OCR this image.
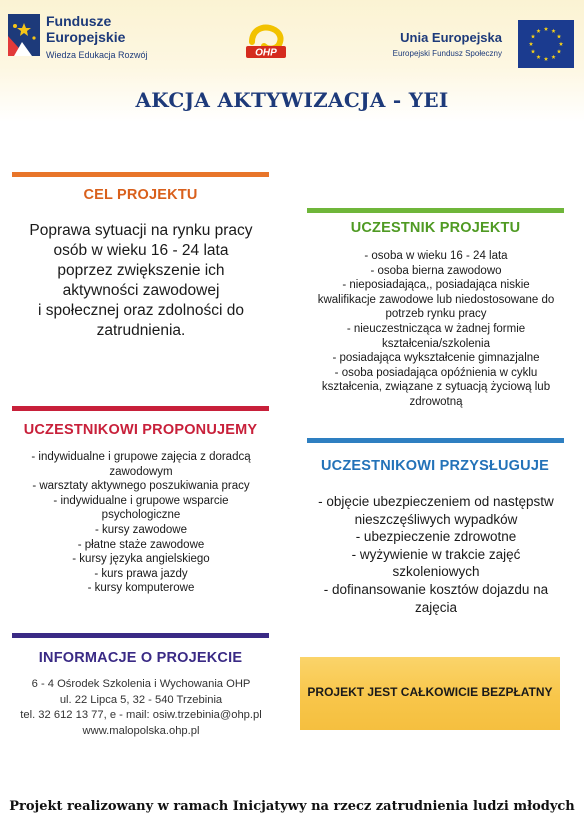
Fundusze
Europejskie
Wiedza Edukacja Rozwój	OHP
Unia Europejska
Europejski Fundusz Społeczny
AKCJA AKTYWIZACJA - YEI
CEL PROJEKTU
Poprawa sytuacji na rynku pracy
osób w wieku 16 - 24 lata
poprzez zwiększenie ich
aktywności zawodowej
i społecznej oraz zdolności do
zatrudnienia.
UCZESTNIK PROJEKTU
- osoba w wieku 16 - 24 lata
- osoba bierna zawodowo
- nieposiadająca,, posiadająca niskie
kwalifikacje zawodowe lub niedostosowane do
potrzeb rynku pracy
- nieuczestnicząca w żadnej formie
kształcenia/szkolenia
- posiadająca wykształcenie gimnazjalne
- osoba posiadająca opóźnienia w cyklu
kształcenia, związane z sytuacją życiową lub
zdrowotną
UCZESTNIKOWI PROPONUJEMY
- indywidualne i grupowe zajęcia z doradcą
zawodowym
- warsztaty aktywnego poszukiwania pracy
- indywidualne i grupowe wsparcie
psychologiczne
- kursy zawodowe
- płatne staże zawodowe
- kursy języka angielskiego
- kurs prawa jazdy
- kursy komputerowe
UCZESTNIKOWI PRZYSŁUGUJE
- objęcie ubezpieczeniem od następstw
nieszczęśliwych wypadków
- ubezpieczenie zdrowotne
- wyżywienie w trakcie zajęć
szkoleniowych
- dofinansowanie kosztów dojazdu na
zajęcia
INFORMACJE O PROJEKCIE
6 - 4 Ośrodek Szkolenia i Wychowania OHP
ul. 22 Lipca 5, 32 - 540 Trzebinia
tel. 32 612 13 77, e - mail: osiw.trzebinia@ohp.pl
www.malopolska.ohp.pl
PROJEKT JEST CAŁKOWICIE BEZPŁATNY
Projekt realizowany w ramach Inicjatywy na rzecz zatrudnienia ludzi młodych
